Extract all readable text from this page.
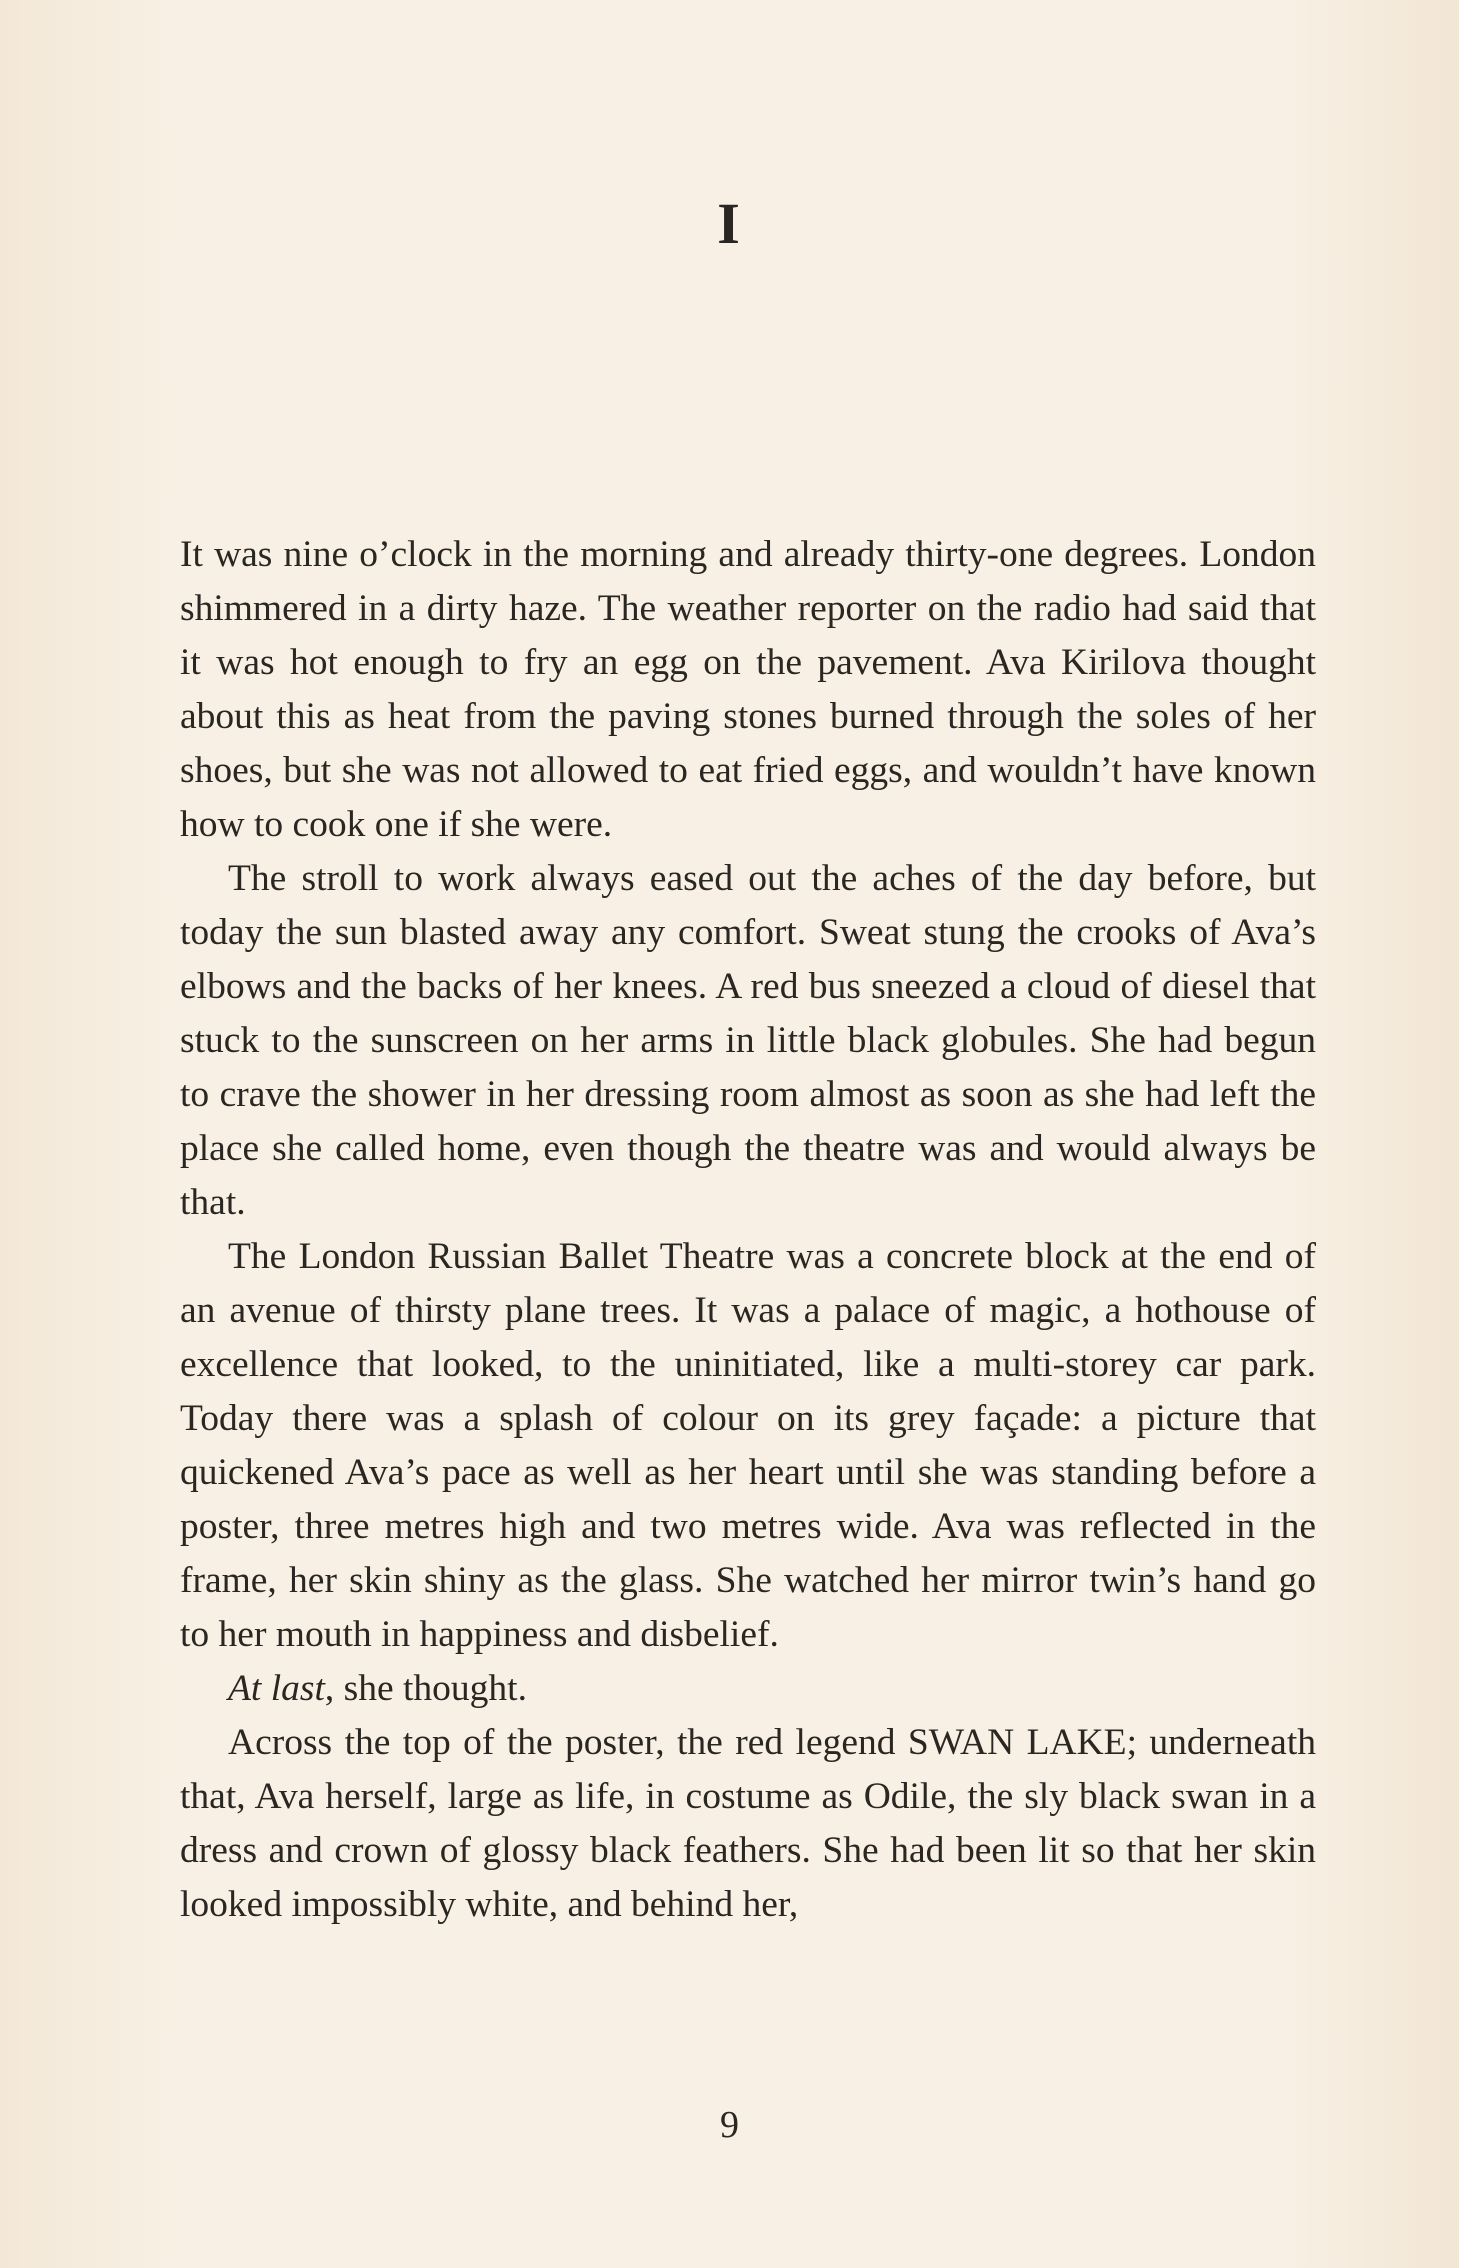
I

It was nine o’clock in the morning and already thirty-one degrees. London shimmered in a dirty haze. The weather reporter on the radio had said that it was hot enough to fry an egg on the pavement. Ava Kirilova thought about this as heat from the paving stones burned through the soles of her shoes, but she was not allowed to eat fried eggs, and wouldn’t have known how to cook one if she were.

The stroll to work always eased out the aches of the day before, but today the sun blasted away any comfort. Sweat stung the crooks of Ava’s elbows and the backs of her knees. A red bus sneezed a cloud of diesel that stuck to the sunscreen on her arms in little black globules. She had begun to crave the shower in her dressing room almost as soon as she had left the place she called home, even though the theatre was and would always be that.

The London Russian Ballet Theatre was a concrete block at the end of an avenue of thirsty plane trees. It was a palace of magic, a hothouse of excellence that looked, to the uninitiated, like a multi-storey car park. Today there was a splash of colour on its grey façade: a picture that quickened Ava’s pace as well as her heart until she was standing before a poster, three metres high and two metres wide. Ava was reflected in the frame, her skin shiny as the glass. She watched her mirror twin’s hand go to her mouth in happiness and disbelief.

At last, she thought.

Across the top of the poster, the red legend SWAN LAKE; underneath that, Ava herself, large as life, in costume as Odile, the sly black swan in a dress and crown of glossy black feathers. She had been lit so that her skin looked impossibly white, and behind her,

9
